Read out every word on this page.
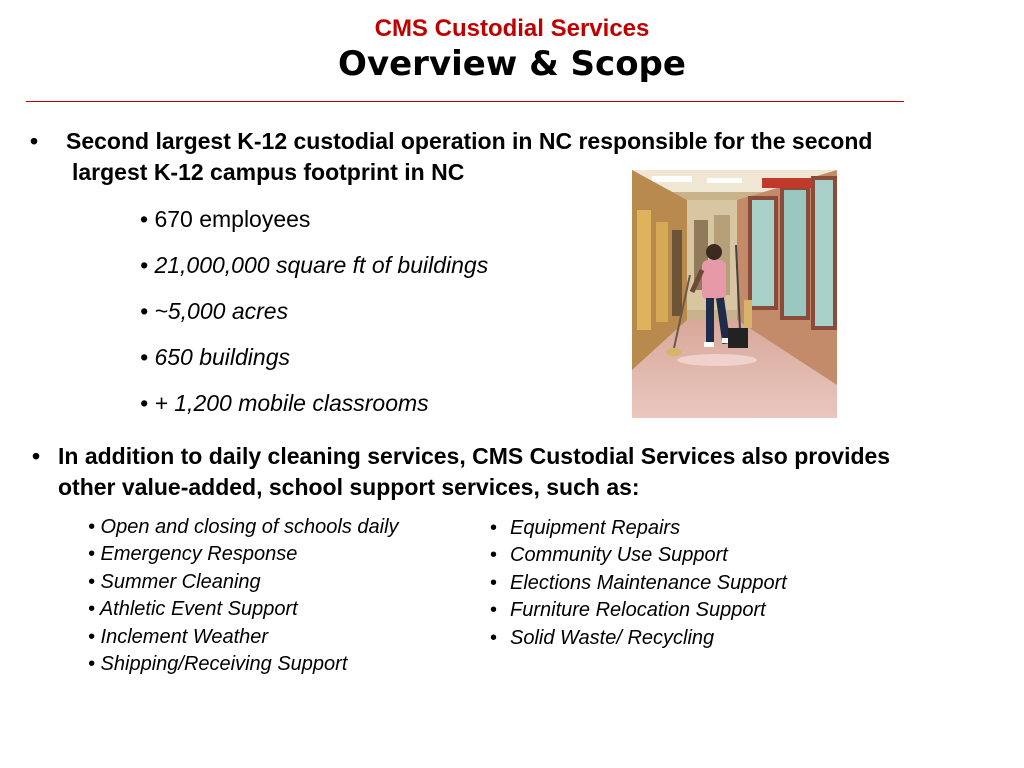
CMS Custodial Services
Overview & Scope
• Second largest K-12 custodial operation in NC responsible for the second
largest K-12 campus footprint in NC
• 670 employees
• 21,000,000 square ft of buildings
• ~5,000 acres
• 650 buildings
• + 1,200 mobile classrooms
• In addition to daily cleaning services, CMS Custodial Services also provides
other value-added, school support services, such as:
• Open and closing of schools daily
• Emergency Response
• Summer Cleaning
• Athletic Event Support
• Inclement Weather
• Shipping/Receiving Support
• Equipment Repairs
• Community Use Support
• Elections Maintenance Support
• Furniture Relocation Support
• Solid Waste/ Recycling
